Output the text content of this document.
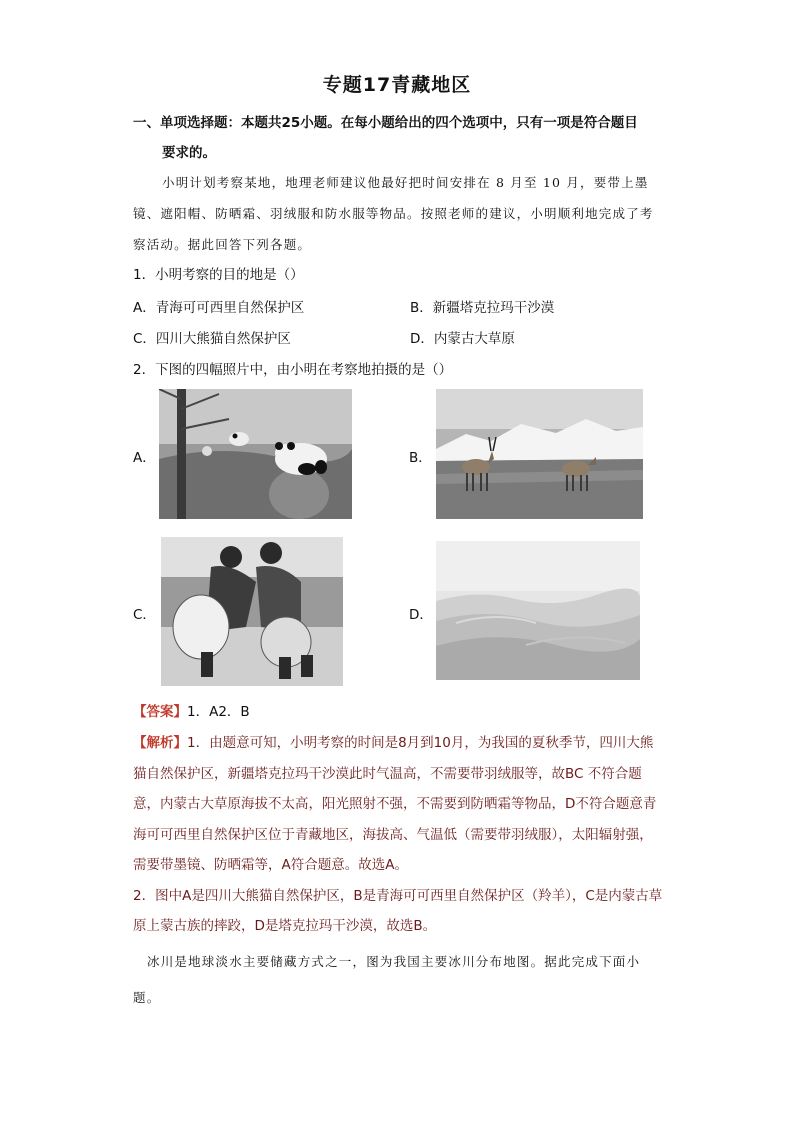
专题17青藏地区
一、单项选择题：本题共25小题。在每小题给出的四个选项中，只有一项是符合题目
要求的。
小明计划考察某地，地理老师建议他最好把时间安排在 8 月至 10 月，要带上墨镜、遮阳帽、防晒霜、羽绒服和防水服等物品。按照老师的建议，小明顺利地完成了考察活动。据此回答下列各题。
1．小明考察的目的地是（）
A．青海可可西里自然保护区	B．新疆塔克拉玛干沙漠
C．四川大熊猫自然保护区	D．内蒙古大草原
2．下图的四幅照片中，由小明在考察地拍摄的是（）
A．	B．
C．	D．
【答案】1．A2．B

【解析】1．由题意可知，小明考察的时间是8月到10月，为我国的夏秋季节，四川大熊猫自然保护区，新疆塔克拉玛干沙漠此时气温高，不需要带羽绒服等，故BC 不符合题意，内蒙古大草原海拔不太高，阳光照射不强，不需要到防晒霜等物品，D不符合题意青海可可西里自然保护区位于青藏地区，海拔高、气温低（需要带羽绒服），太阳辐射强，需要带墨镜、防晒霜等，A符合题意。故选A。

2．图中A是四川大熊猫自然保护区，B是青海可可西里自然保护区（羚羊），C是内蒙古草原上蒙古族的摔跤，D是塔克拉玛干沙漠，故选B。

冰川是地球淡水主要储藏方式之一，图为我国主要冰川分布地图。据此完成下面小题。
